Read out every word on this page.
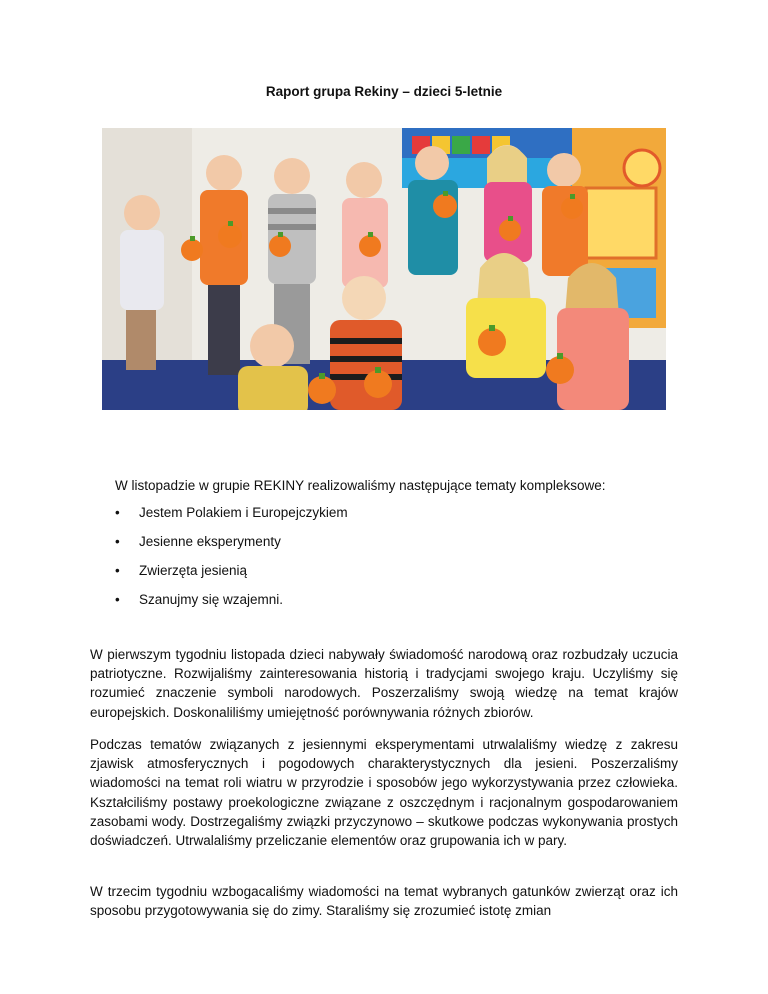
Raport grupa Rekiny – dzieci 5-letnie
W listopadzie w grupie REKINY realizowaliśmy następujące tematy kompleksowe:
• Jestem Polakiem i Europejczykiem
• Jesienne eksperymenty
• Zwierzęta jesienią
• Szanujmy się wzajemni.

W pierwszym tygodniu listopada dzieci nabywały świadomość narodową oraz rozbudzały uczucia patriotyczne. Rozwijaliśmy zainteresowania historią i tradycjami swojego kraju. Uczyliśmy się rozumieć znaczenie symboli narodowych. Poszerzaliśmy swoją wiedzę na temat krajów europejskich. Doskonaliliśmy umiejętność porównywania różnych zbiorów.

Podczas tematów związanych z jesiennymi eksperymentami utrwalaliśmy wiedzę z zakresu zjawisk atmosferycznych i pogodowych charakterystycznych dla jesieni. Poszerzaliśmy wiadomości na temat roli wiatru w przyrodzie i sposobów jego wykorzystywania przez człowieka. Kształciliśmy postawy proekologiczne związane z oszczędnym i racjonalnym gospodarowaniem zasobami wody. Dostrzegaliśmy związki przyczynowo – skutkowe podczas wykonywania prostych doświadczeń. Utrwalaliśmy przeliczanie elementów oraz grupowania ich w pary.

W trzecim tygodniu wzbogacaliśmy wiadomości na temat wybranych gatunków zwierząt oraz ich sposobu przygotowywania się do zimy. Staraliśmy się zrozumieć istotę zmian
